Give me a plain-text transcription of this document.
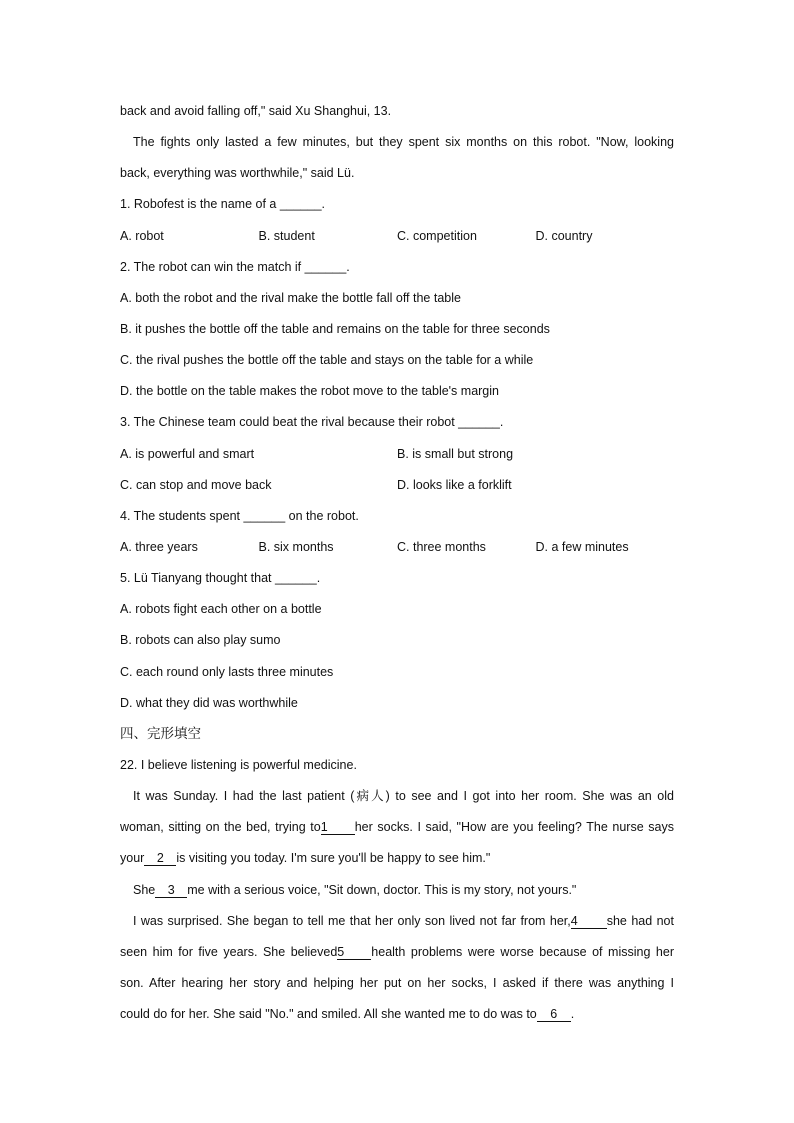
back and avoid falling off," said Xu Shanghui, 13.
The fights only lasted a few minutes, but they spent six months on this robot. "Now, looking
back, everything was worthwhile," said Lü.
1. Robofest is the name of a ______.
A. robot	B. student	C. competition	D. country
2. The robot can win the match if ______.
A. both the robot and the rival make the bottle fall off the table
B. it pushes the bottle off the table and remains on the table for three seconds
C. the rival pushes the bottle off the table and stays on the table for a while
D. the bottle on the table makes the robot move to the table's margin
3. The Chinese team could beat the rival because their robot ______.
A. is powerful and smart	B. is small but strong
C. can stop and move back	D. looks like a forklift
4. The students spent ______ on the robot.
A. three years	B. six months	C. three months	D. a few minutes
5. Lü Tianyang thought that ______.
A. robots fight each other on a bottle
B. robots can also play sumo
C. each round only lasts three minutes
D. what they did was worthwhile
四、完形填空
22. I believe listening is powerful medicine.
It was Sunday. I had the last patient (病人) to see and I got into her room. She was an old
woman, sitting on the bed, trying to1 her socks. I said, "How are you feeling? The nurse says
your 2 is visiting you today. I'm sure you'll be happy to see him."
She 3 me with a serious voice, "Sit down, doctor. This is my story, not yours."
I was surprised. She began to tell me that her only son lived not far from her,4 she had not
seen him for five years. She believed5 health problems were worse because of missing her
son. After hearing her story and helping her put on her socks, I asked if there was anything I
could do for her. She said "No." and smiled. All she wanted me to do was to 6 .
